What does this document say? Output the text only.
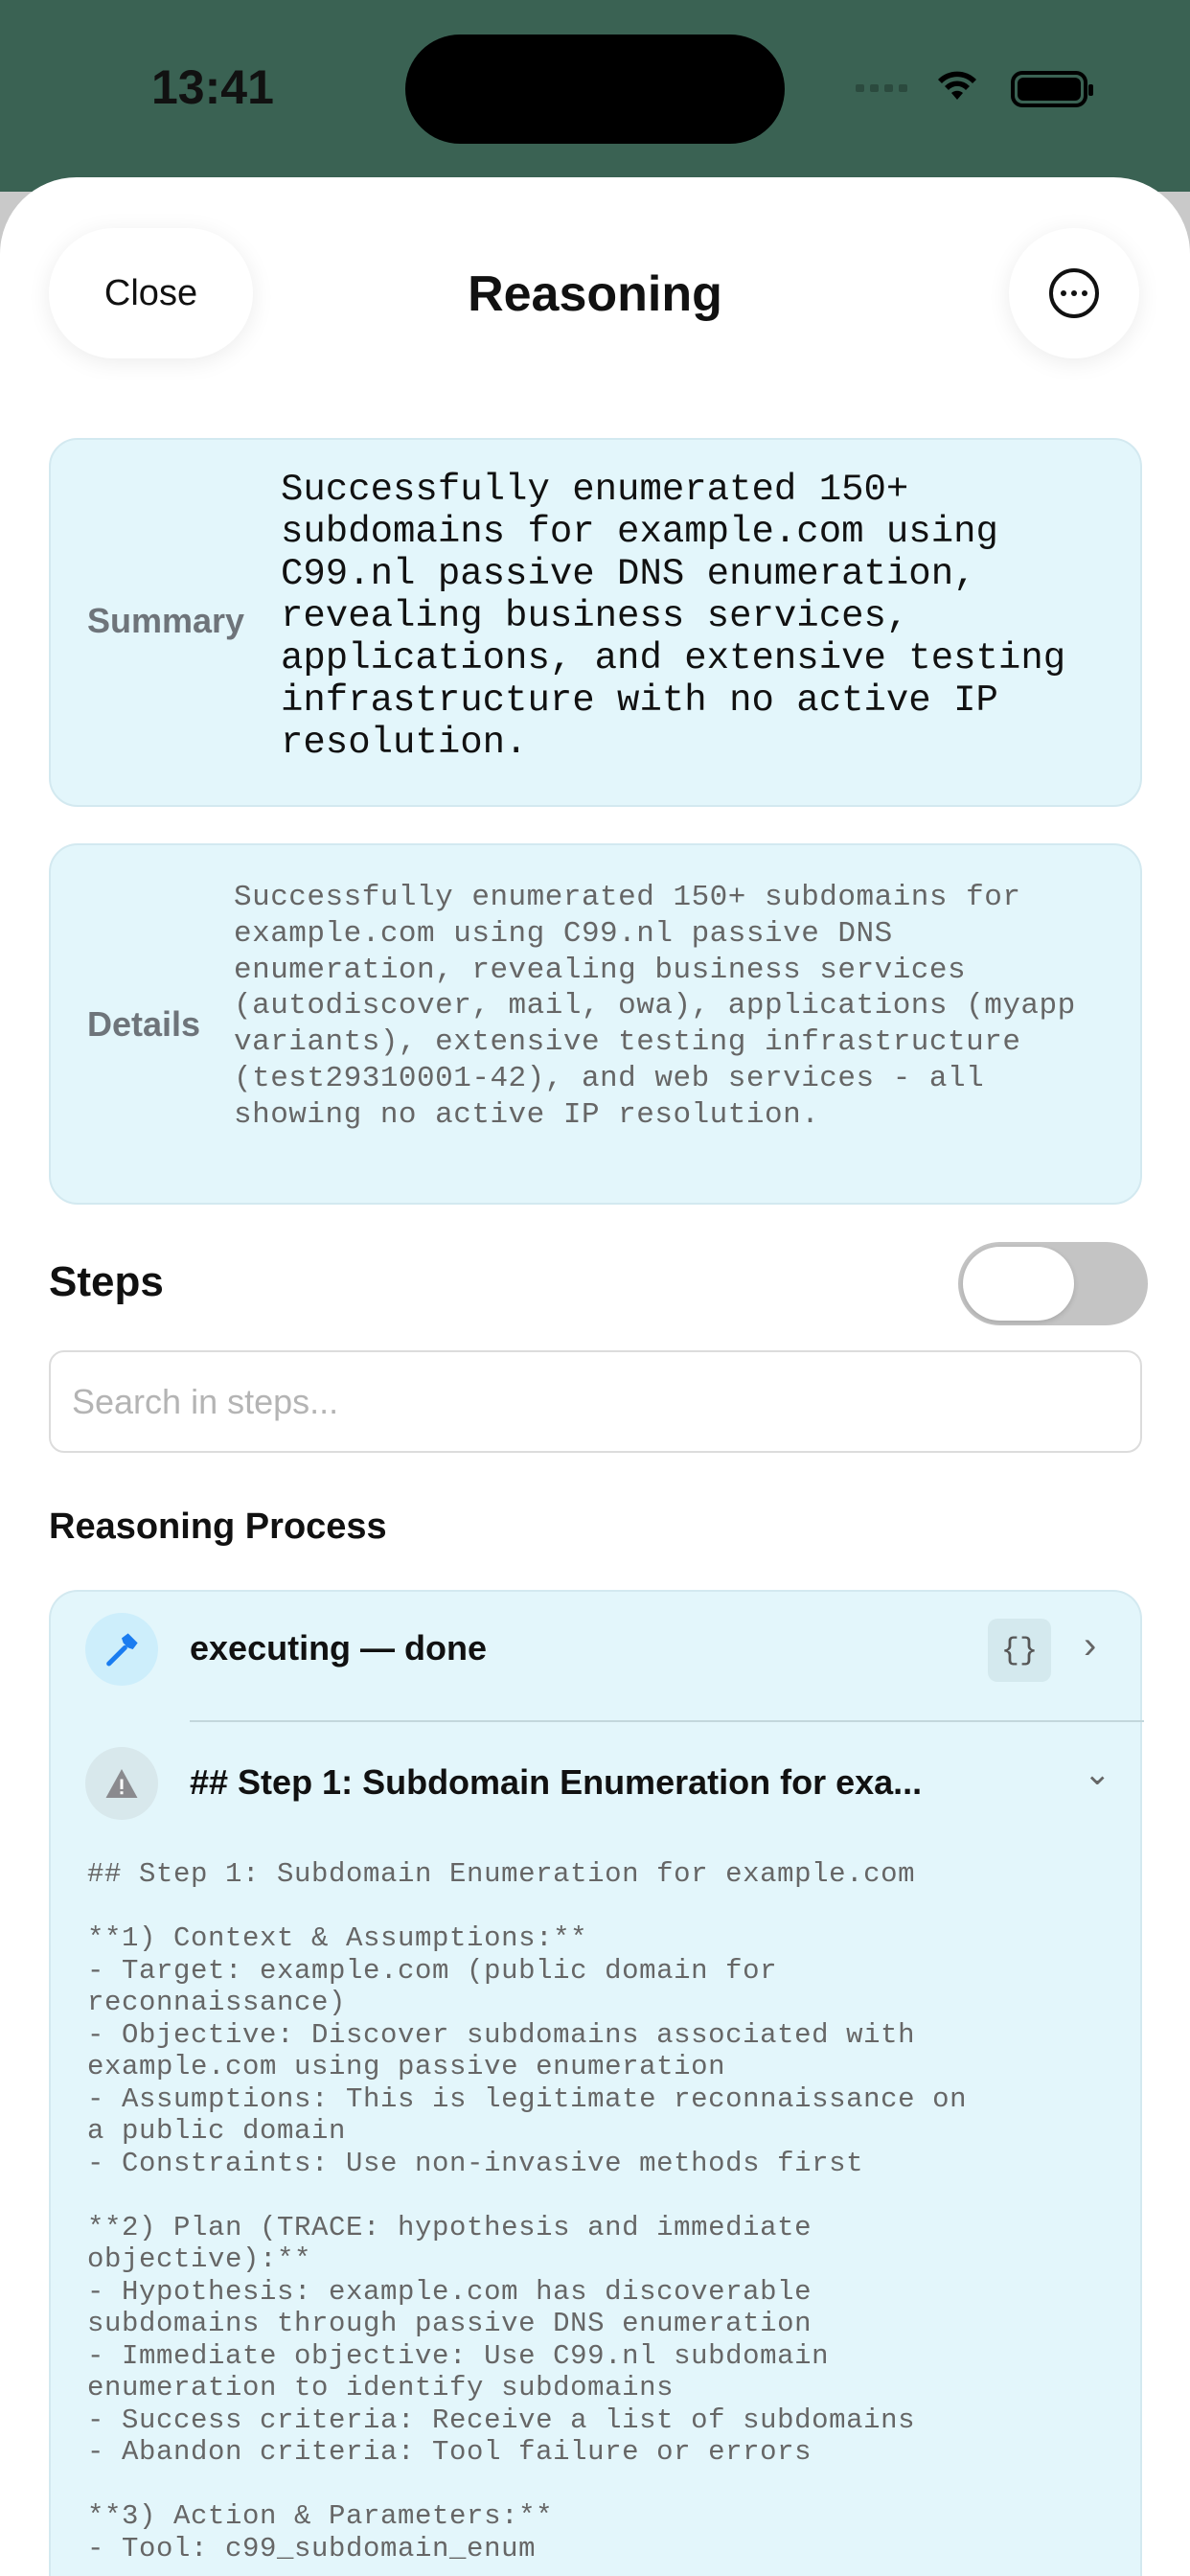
13:41
Close	Reasoning
Summary
Successfully enumerated 150+ subdomains for example.com using C99.nl passive DNS enumeration, revealing business services, applications, and extensive testing infrastructure with no active IP resolution.
Details
Successfully enumerated 150+ subdomains for example.com using C99.nl passive DNS enumeration, revealing business services (autodiscover, mail, owa), applications (myapp variants), extensive testing infrastructure (test29310001-42), and web services - all showing no active IP resolution.
Steps
Search in steps...
Reasoning Process
executing — done	{}	›
## Step 1: Subdomain Enumeration for exa...	⌄
## Step 1: Subdomain Enumeration for example.com

**1) Context & Assumptions:**
- Target: example.com (public domain for
reconnaissance)
- Objective: Discover subdomains associated with
example.com using passive enumeration
- Assumptions: This is legitimate reconnaissance on
a public domain
- Constraints: Use non-invasive methods first

**2) Plan (TRACE: hypothesis and immediate
objective):**
- Hypothesis: example.com has discoverable
subdomains through passive DNS enumeration
- Immediate objective: Use C99.nl subdomain
enumeration to identify subdomains
- Success criteria: Receive a list of subdomains
- Abandon criteria: Tool failure or errors

**3) Action & Parameters:**
- Tool: c99_subdomain_enum
